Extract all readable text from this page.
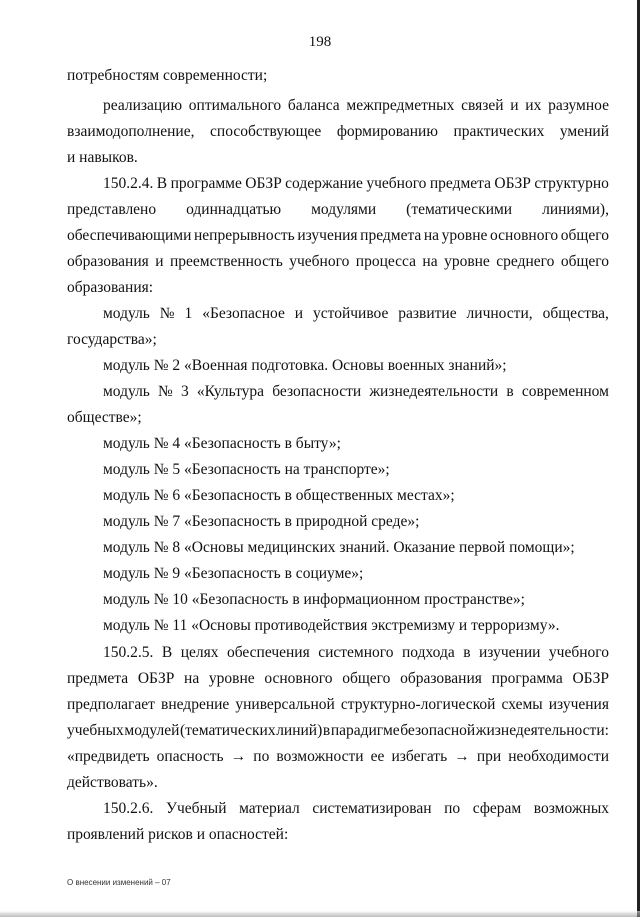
198
потребностям современности;
реализацию оптимального баланса межпредметных связей и их разумное
взаимодополнение, способствующее формированию практических умений
и навыков.
150.2.4. В программе ОБЗР содержание учебного предмета ОБЗР структурно
представлено одиннадцатью модулями (тематическими линиями),
обеспечивающими непрерывность изучения предмета на уровне основного общего
образования и преемственность учебного процесса на уровне среднего общего
образования:
модуль № 1 «Безопасное и устойчивое развитие личности, общества,
государства»;
модуль № 2 «Военная подготовка. Основы военных знаний»;
модуль № 3 «Культура безопасности жизнедеятельности в современном
обществе»;
модуль № 4 «Безопасность в быту»;
модуль № 5 «Безопасность на транспорте»;
модуль № 6 «Безопасность в общественных местах»;
модуль № 7 «Безопасность в природной среде»;
модуль № 8 «Основы медицинских знаний. Оказание первой помощи»;
модуль № 9 «Безопасность в социуме»;
модуль № 10 «Безопасность в информационном пространстве»;
модуль № 11 «Основы противодействия экстремизму и терроризму».
150.2.5. В целях обеспечения системного подхода в изучении учебного
предмета ОБЗР на уровне основного общего образования программа ОБЗР
предполагает внедрение универсальной структурно-логической схемы изучения
учебных модулей (тематических линий) в парадигме безопасной жизнедеятельности:
«предвидеть опасность → по возможности ее избегать → при необходимости
действовать».
150.2.6. Учебный материал систематизирован по сферам возможных
проявлений рисков и опасностей:
О внесении изменений – 07
